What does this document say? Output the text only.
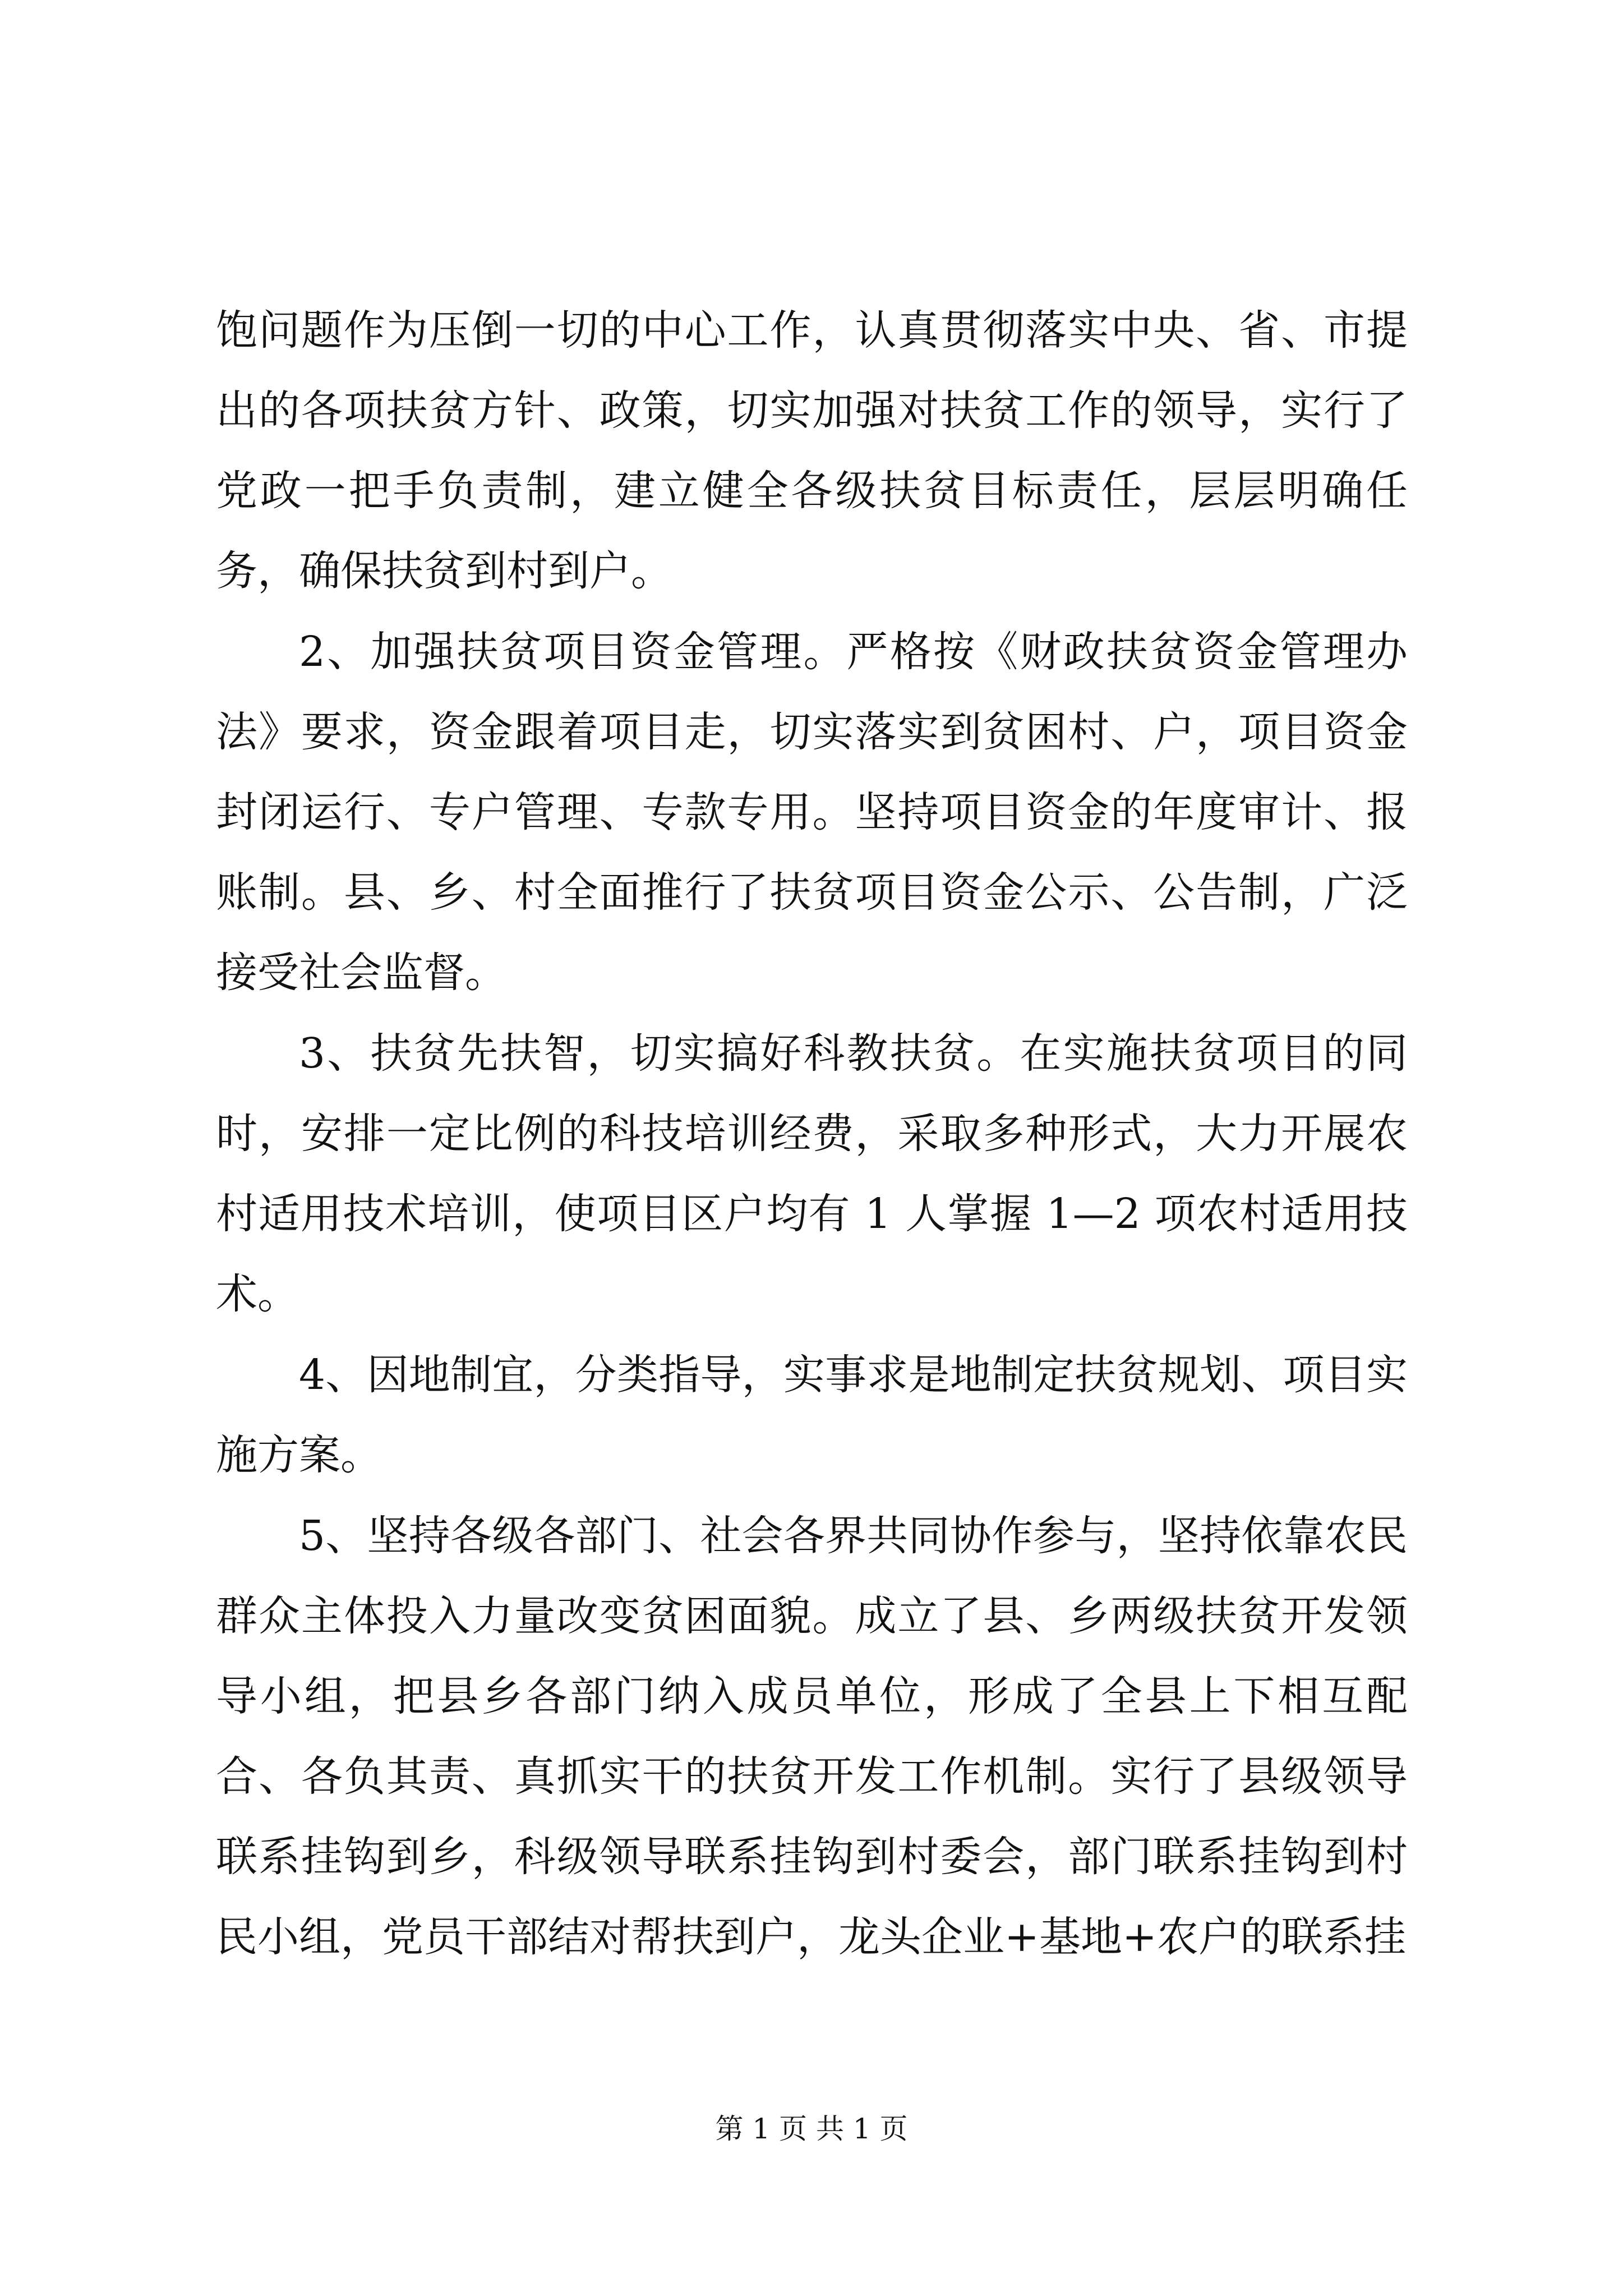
饱问题作为压倒一切的中心工作，认真贯彻落实中央、省、市提出的各项扶贫方针、政策，切实加强对扶贫工作的领导，实行了党政一把手负责制，建立健全各级扶贫目标责任，层层明确任务，确保扶贫到村到户。

2、加强扶贫项目资金管理。严格按《财政扶贫资金管理办法》要求，资金跟着项目走，切实落实到贫困村、户，项目资金封闭运行、专户管理、专款专用。坚持项目资金的年度审计、报账制。县、乡、村全面推行了扶贫项目资金公示、公告制，广泛接受社会监督。

3、扶贫先扶智，切实搞好科教扶贫。在实施扶贫项目的同时，安排一定比例的科技培训经费，采取多种形式，大力开展农村适用技术培训，使项目区户均有 1 人掌握 1—2 项农村适用技术。

4、因地制宜，分类指导，实事求是地制定扶贫规划、项目实施方案。

5、坚持各级各部门、社会各界共同协作参与，坚持依靠农民群众主体投入力量改变贫困面貌。成立了县、乡两级扶贫开发领导小组，把县乡各部门纳入成员单位，形成了全县上下相互配合、各负其责、真抓实干的扶贫开发工作机制。实行了县级领导联系挂钩到乡，科级领导联系挂钩到村委会，部门联系挂钩到村民小组，党员干部结对帮扶到户，龙头企业+基地+农户的联系挂

第 1 页 共 1 页
